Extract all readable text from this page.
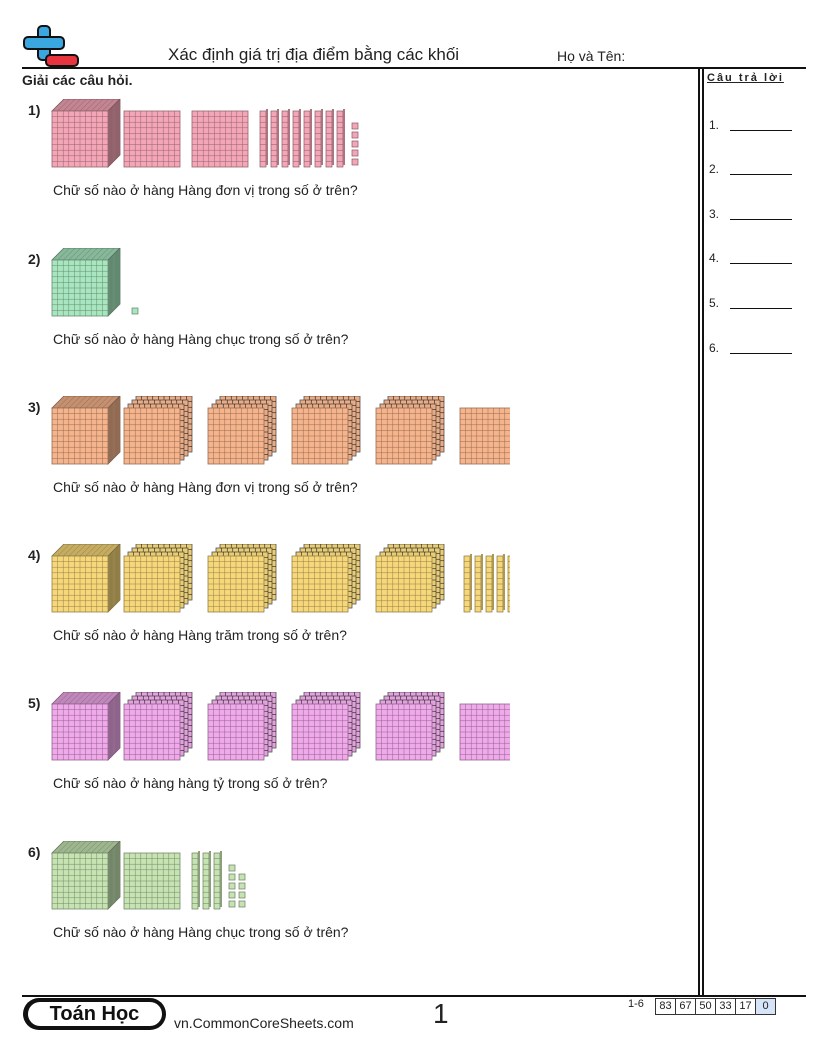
Xác định giá trị địa điểm bằng các khối	Họ và Tên:
Giải các câu hỏi.	Câu trả lời
1.
2.
3.
4.
5.
6.
1)
Chữ số nào ở hàng Hàng đơn vị trong số ở trên?
2)
Chữ số nào ở hàng Hàng chục trong số ở trên?
3)
Chữ số nào ở hàng Hàng đơn vị trong số ở trên?
4)
Chữ số nào ở hàng Hàng trăm trong số ở trên?
5)
Chữ số nào ở hàng hàng tỷ trong số ở trên?
6)
Chữ số nào ở hàng Hàng chục trong số ở trên?
Toán Học	vn.CommonCoreSheets.com	1	1-6	83 67 50 33 17 0
